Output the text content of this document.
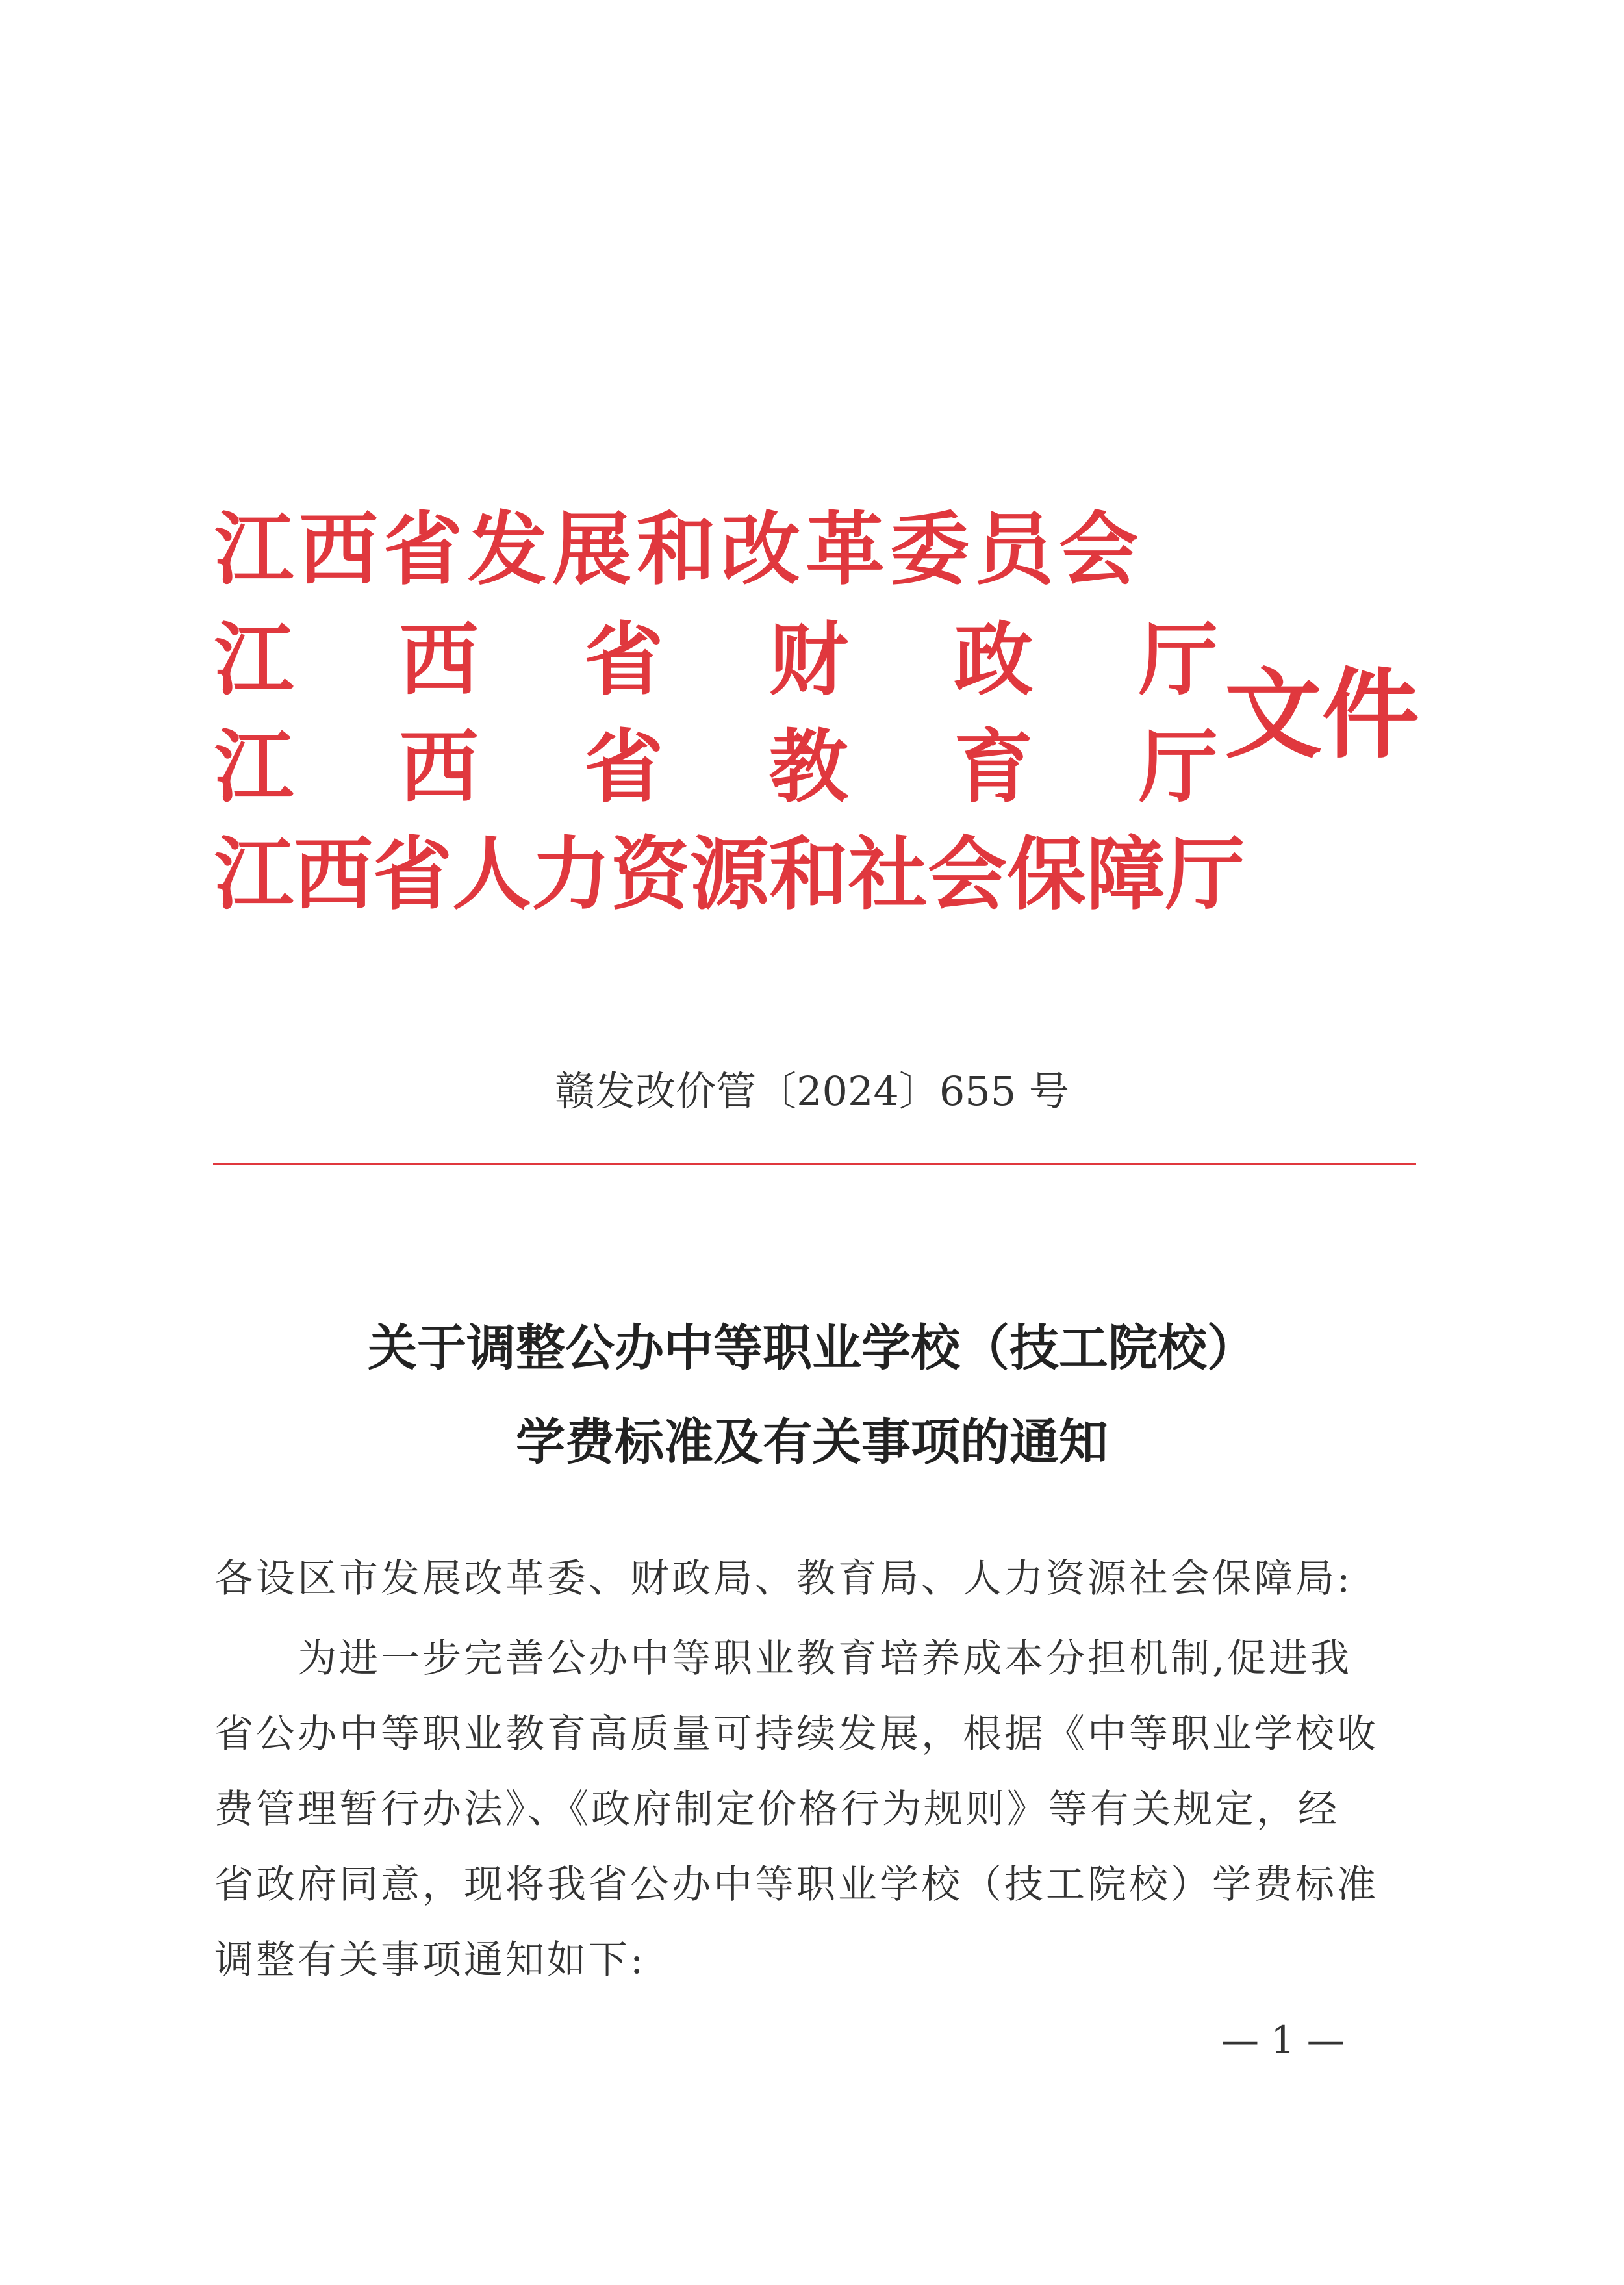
江西省发展和改革委员会
江 西 省 财 政 厅
江 西 省 教 育 厅
江西省人力资源和社会保障厅
文件
赣发改价管〔2024〕655 号
关于调整公办中等职业学校（技工院校）
学费标准及有关事项的通知
各设区市发展改革委、财政局、教育局、人力资源社会保障局:
为进一步完善公办中等职业教育培养成本分担机制,促进我
省公办中等职业教育高质量可持续发展，根据《中等职业学校收
费管理暂行办法》、《政府制定价格行为规则》等有关规定，经
省政府同意，现将我省公办中等职业学校（技工院校）学费标准
调整有关事项通知如下:
— 1 —
